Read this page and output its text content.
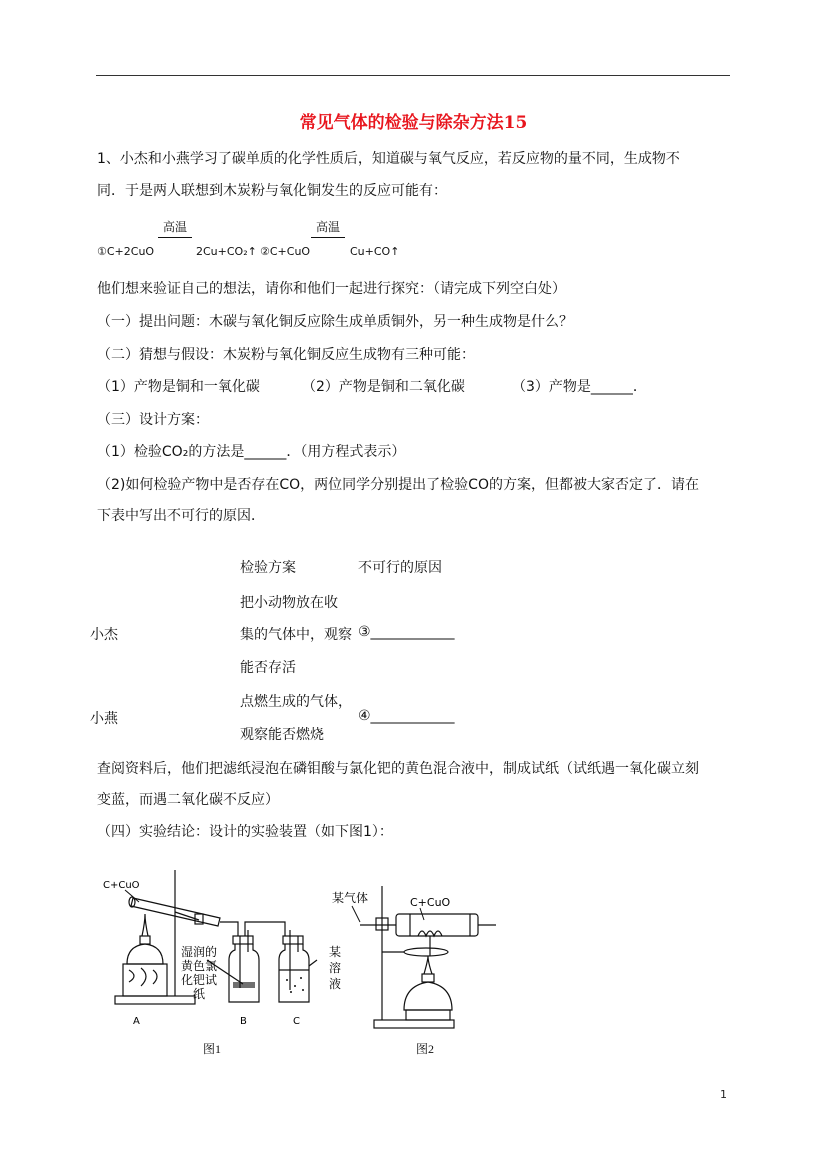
常见气体的检验与除杂方法15
1、小杰和小燕学习了碳单质的化学性质后，知道碳与氧气反应，若反应物的量不同，生成物不
同．于是两人联想到木炭粉与氧化铜发生的反应可能有：
高温	高温
①C+2CuO	2Cu+CO₂↑ ②C+CuO	Cu+CO↑
他们想来验证自己的想法，请你和他们一起进行探究：（请完成下列空白处）
（一）提出问题：木碳与氧化铜反应除生成单质铜外，另一种生成物是什么？
（二）猜想与假设：木炭粉与氧化铜反应生成物有三种可能：
（1）产物是铜和一氧化碳	（2）产物是铜和二氧化碳	（3）产物是______．
（三）设计方案：
（1）检验CO₂的方法是______．（用方程式表示）
（2)如何检验产物中是否存在CO，两位同学分别提出了检验CO的方案，但都被大家否定了．请在
下表中写出不可行的原因．
检验方案	不可行的原因
把小动物放在收
小杰	集的气体中，观察 ③____________
能否存活
点燃生成的气体，
小燕	④____________
观察能否燃烧
查阅资料后，他们把滤纸浸泡在磷钼酸与氯化钯的黄色混合液中，制成试纸（试纸遇一氧化碳立刻
变蓝，而遇二氧化碳不反应）
（四）实验结论：设计的实验装置（如下图1）：
C+CuO
湿润的
黄色氯
化钯试
纸
某
溶
液
A	B	C
图1
某气体	C+CuO
图2
1
